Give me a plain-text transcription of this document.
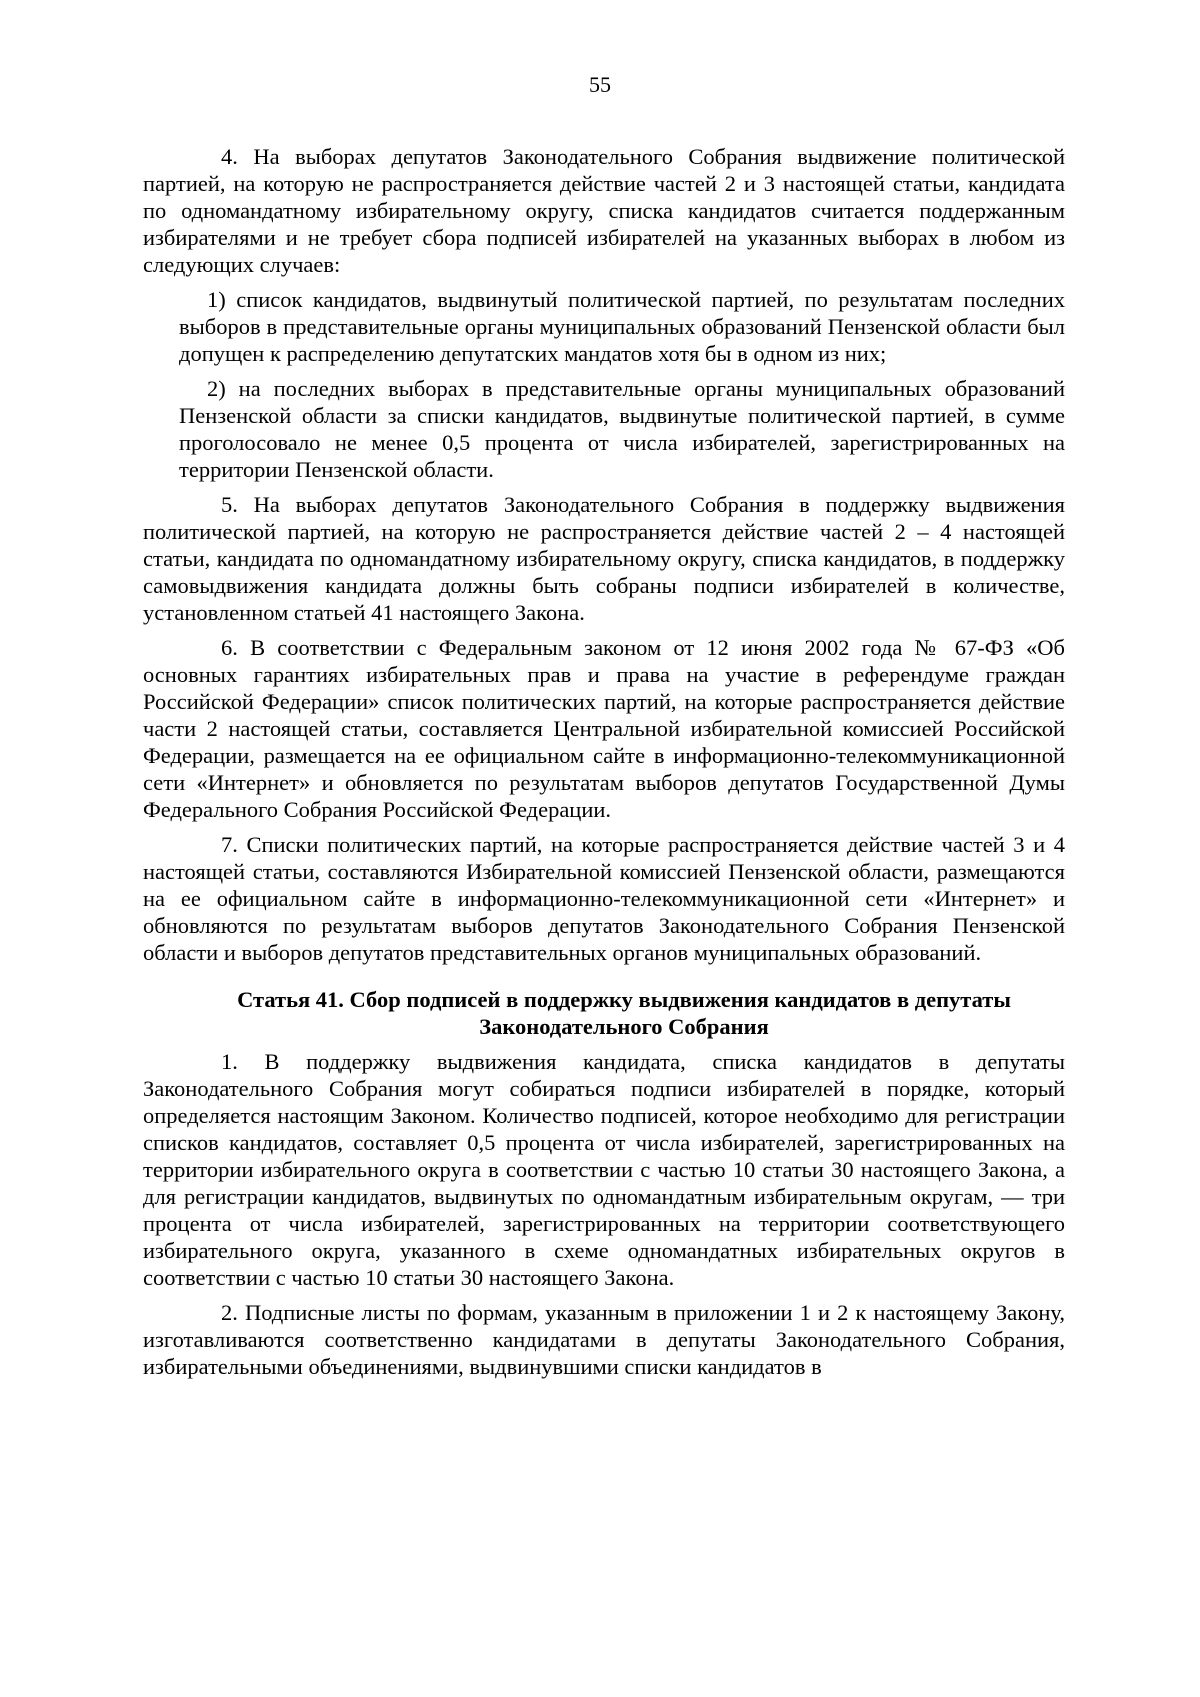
55

4. На выборах депутатов Законодательного Собрания выдвижение политической партией, на которую не распространяется действие частей 2 и 3 настоящей статьи, кандидата по одномандатному избирательному округу, списка кандидатов считается поддержанным избирателями и не требует сбора подписей избирателей на указанных выборах в любом из следующих случаев:

1) список кандидатов, выдвинутый политической партией, по результатам последних выборов в представительные органы муниципальных образований Пензенской области был допущен к распределению депутатских мандатов хотя бы в одном из них;

2) на последних выборах в представительные органы муниципальных образований Пензенской области за списки кандидатов, выдвинутые политической партией, в сумме проголосовало не менее 0,5 процента от числа избирателей, зарегистрированных на территории Пензенской области.

5. На выборах депутатов Законодательного Собрания в поддержку выдвижения политической партией, на которую не распространяется действие частей 2 – 4 настоящей статьи, кандидата по одномандатному избирательному округу, списка кандидатов, в поддержку самовыдвижения кандидата должны быть собраны подписи избирателей в количестве, установленном статьей 41 настоящего Закона.

6. В соответствии с Федеральным законом от 12 июня 2002 года № 67-ФЗ «Об основных гарантиях избирательных прав и права на участие в референдуме граждан Российской Федерации» список политических партий, на которые распространяется действие части 2 настоящей статьи, составляется Центральной избирательной комиссией Российской Федерации, размещается на ее официальном сайте в информационно-телекоммуникационной сети «Интернет» и обновляется по результатам выборов депутатов Государственной Думы Федерального Собрания Российской Федерации.

7. Списки политических партий, на которые распространяется действие частей 3 и 4 настоящей статьи, составляются Избирательной комиссией Пензенской области, размещаются на ее официальном сайте в информационно-телекоммуникационной сети «Интернет» и обновляются по результатам выборов депутатов Законодательного Собрания Пензенской области и выборов депутатов представительных органов муниципальных образований.

Статья 41. Сбор подписей в поддержку выдвижения кандидатов в депутаты
Законодательного Собрания

1. В поддержку выдвижения кандидата, списка кандидатов в депутаты Законодательного Собрания могут собираться подписи избирателей в порядке, который определяется настоящим Законом. Количество подписей, которое необходимо для регистрации списков кандидатов, составляет 0,5 процента от числа избирателей, зарегистрированных на территории избирательного округа в соответствии с частью 10 статьи 30 настоящего Закона, а для регистрации кандидатов, выдвинутых по одномандатным избирательным округам, — три процента от числа избирателей, зарегистрированных на территории соответствующего избирательного округа, указанного в схеме одномандатных избирательных округов в соответствии с частью 10 статьи 30 настоящего Закона.

2. Подписные листы по формам, указанным в приложении 1 и 2 к настоящему Закону, изготавливаются соответственно кандидатами в депутаты Законодательного Собрания, избирательными объединениями, выдвинувшими списки кандидатов в
